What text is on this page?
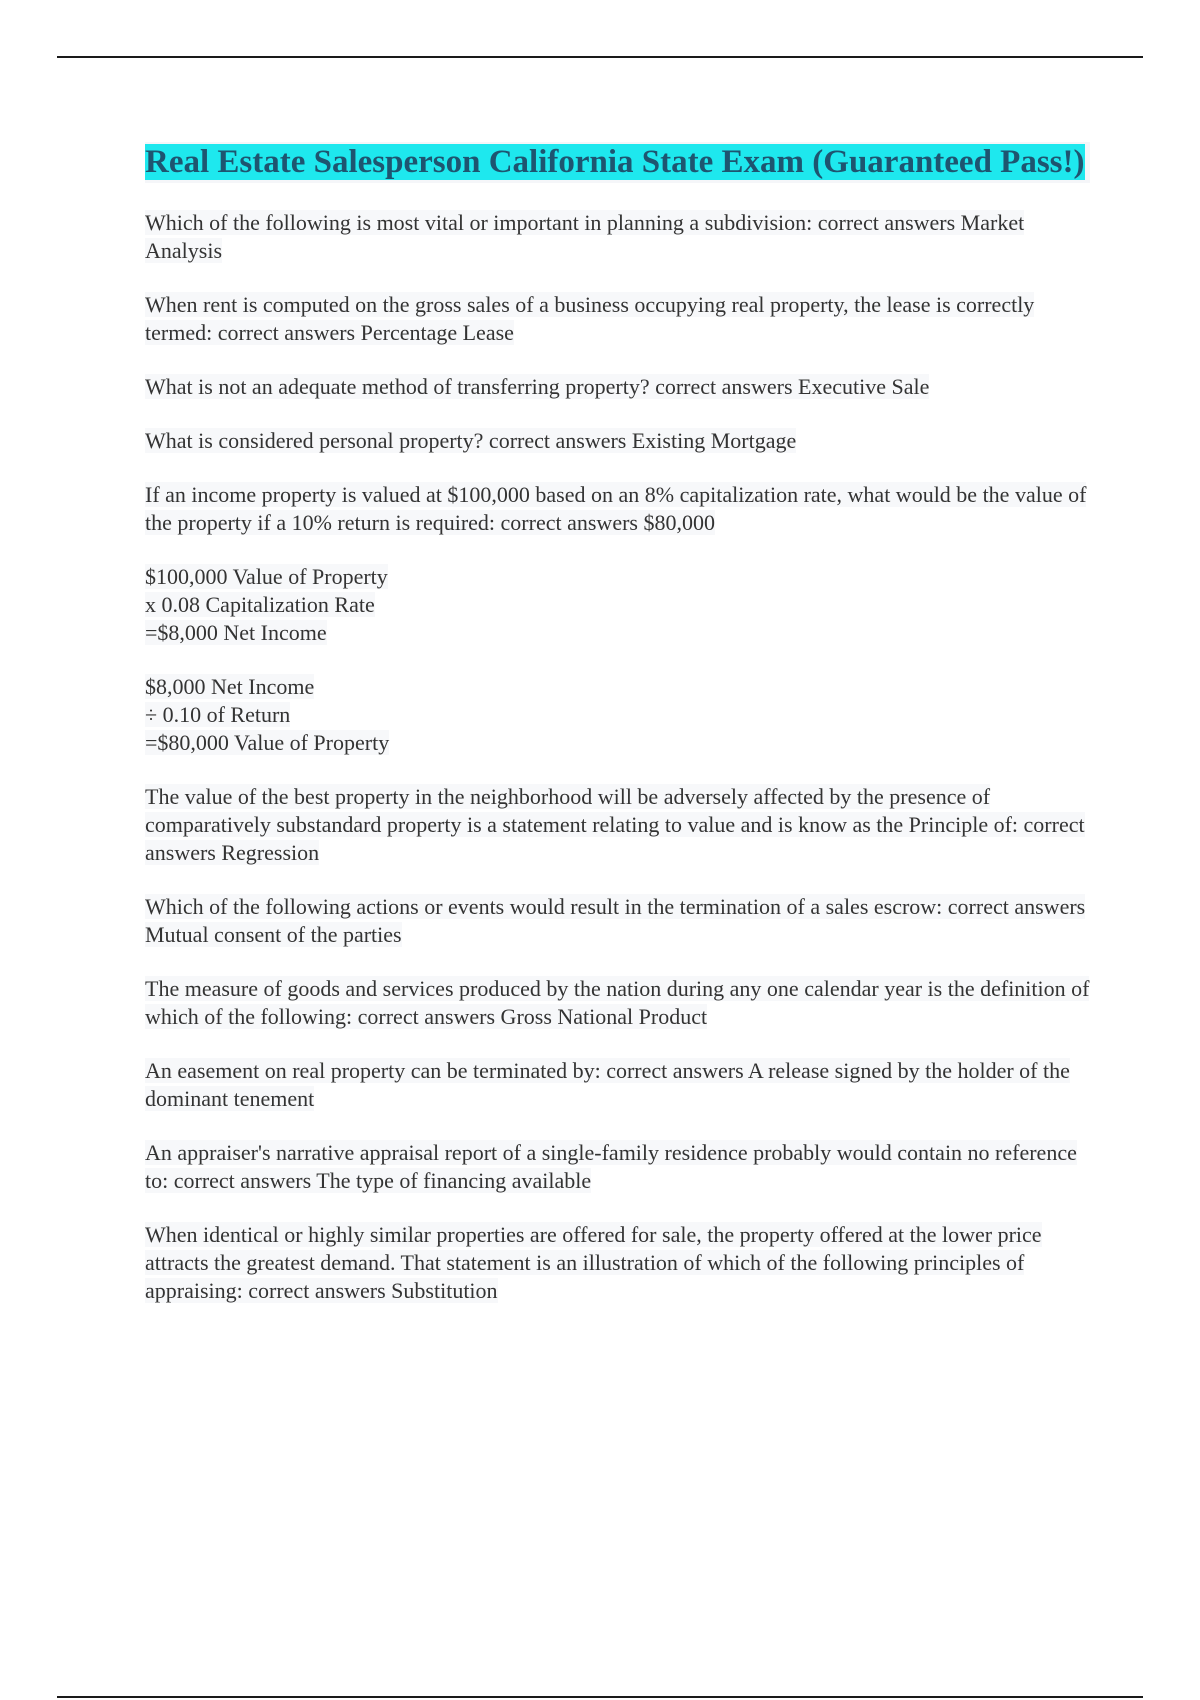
Real Estate Salesperson California State Exam (Guaranteed Pass!)

Which of the following is most vital or important in planning a subdivision: correct answers Market Analysis

When rent is computed on the gross sales of a business occupying real property, the lease is correctly termed: correct answers Percentage Lease

What is not an adequate method of transferring property? correct answers Executive Sale

What is considered personal property? correct answers Existing Mortgage

If an income property is valued at $100,000 based on an 8% capitalization rate, what would be the value of the property if a 10% return is required: correct answers $80,000

$100,000 Value of Property
x 0.08 Capitalization Rate
=$8,000 Net Income
$8,000 Net Income
÷ 0.10 of Return
=$80,000 Value of Property

The value of the best property in the neighborhood will be adversely affected by the presence of comparatively substandard property is a statement relating to value and is know as the Principle of: correct answers Regression

Which of the following actions or events would result in the termination of a sales escrow: correct answers Mutual consent of the parties

The measure of goods and services produced by the nation during any one calendar year is the definition of which of the following: correct answers Gross National Product

An easement on real property can be terminated by: correct answers A release signed by the holder of the dominant tenement

An appraiser's narrative appraisal report of a single-family residence probably would contain no reference to: correct answers The type of financing available

When identical or highly similar properties are offered for sale, the property offered at the lower price attracts the greatest demand. That statement is an illustration of which of the following principles of appraising: correct answers Substitution
